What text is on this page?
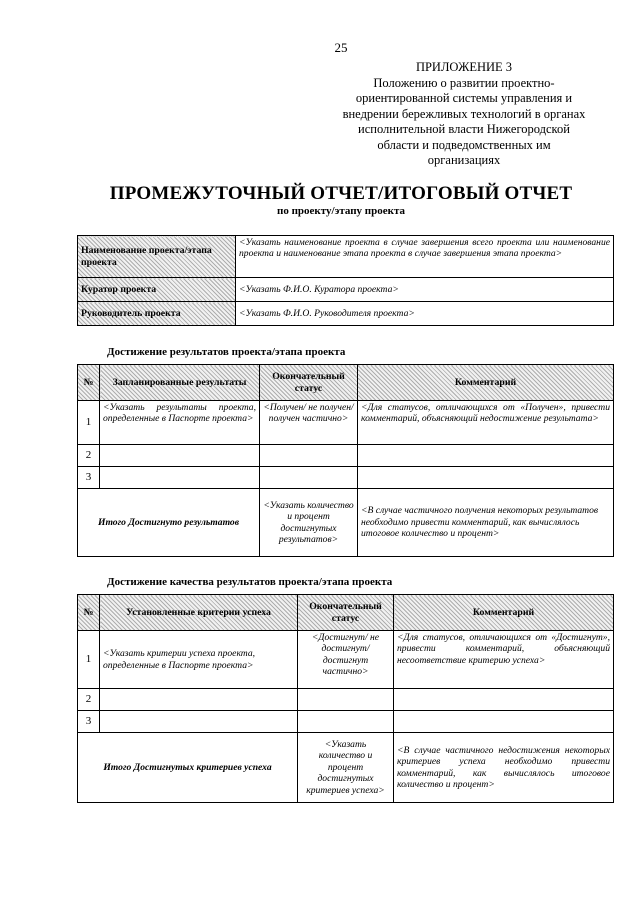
25
ПРИЛОЖЕНИЕ 3
Положению о развитии проектно-
ориентированной системы управления и
внедрении бережливых технологий в органах
исполнительной власти Нижегородской
области и подведомственных им
организациях
ПРОМЕЖУТОЧНЫЙ ОТЧЕТ/ИТОГОВЫЙ ОТЧЕТ
по проекту/этапу проекта
Наименование проекта/этапа проекта	<Указать наименование проекта в случае завершения всего проекта или наименование проекта и наименование этапа проекта в случае завершения этапа проекта>
Куратор проекта	<Указать Ф.И.О. Куратора проекта>
Руководитель проекта	<Указать Ф.И.О. Руководителя проекта>
Достижение результатов проекта/этапа проекта
№	Запланированные результаты	Окончательный статус	Комментарий
1	<Указать результаты проекта, определенные в Паспорте проекта>	<Получен/ не получен/ получен частично>	<Для статусов, отличающихся от «Получен», привести комментарий, объясняющий недостижение результата>
2			
3			
Итого Достигнуто результатов		<Указать количество и процент достигнутых результатов>	<В случае частичного получения некоторых результатов необходимо привести комментарий, как вычислялось итоговое количество и процент>
Достижение качества результатов проекта/этапа проекта
№	Установленные критерии успеха	Окончательный статус	Комментарий
1	<Указать критерии успеха проекта, определенные в Паспорте проекта>	<Достигнут/ не достигнут/ достигнут частично>	<Для статусов, отличающихся от «Достигнут», привести комментарий, объясняющий несоответствие критерию успеха>
2			
3			
Итого Достигнутых критериев успеха		<Указать количество и процент достигнутых критериев успеха>	<В случае частичного недостижения некоторых критериев успеха необходимо привести комментарий, как вычислялось итоговое количество и процент>
